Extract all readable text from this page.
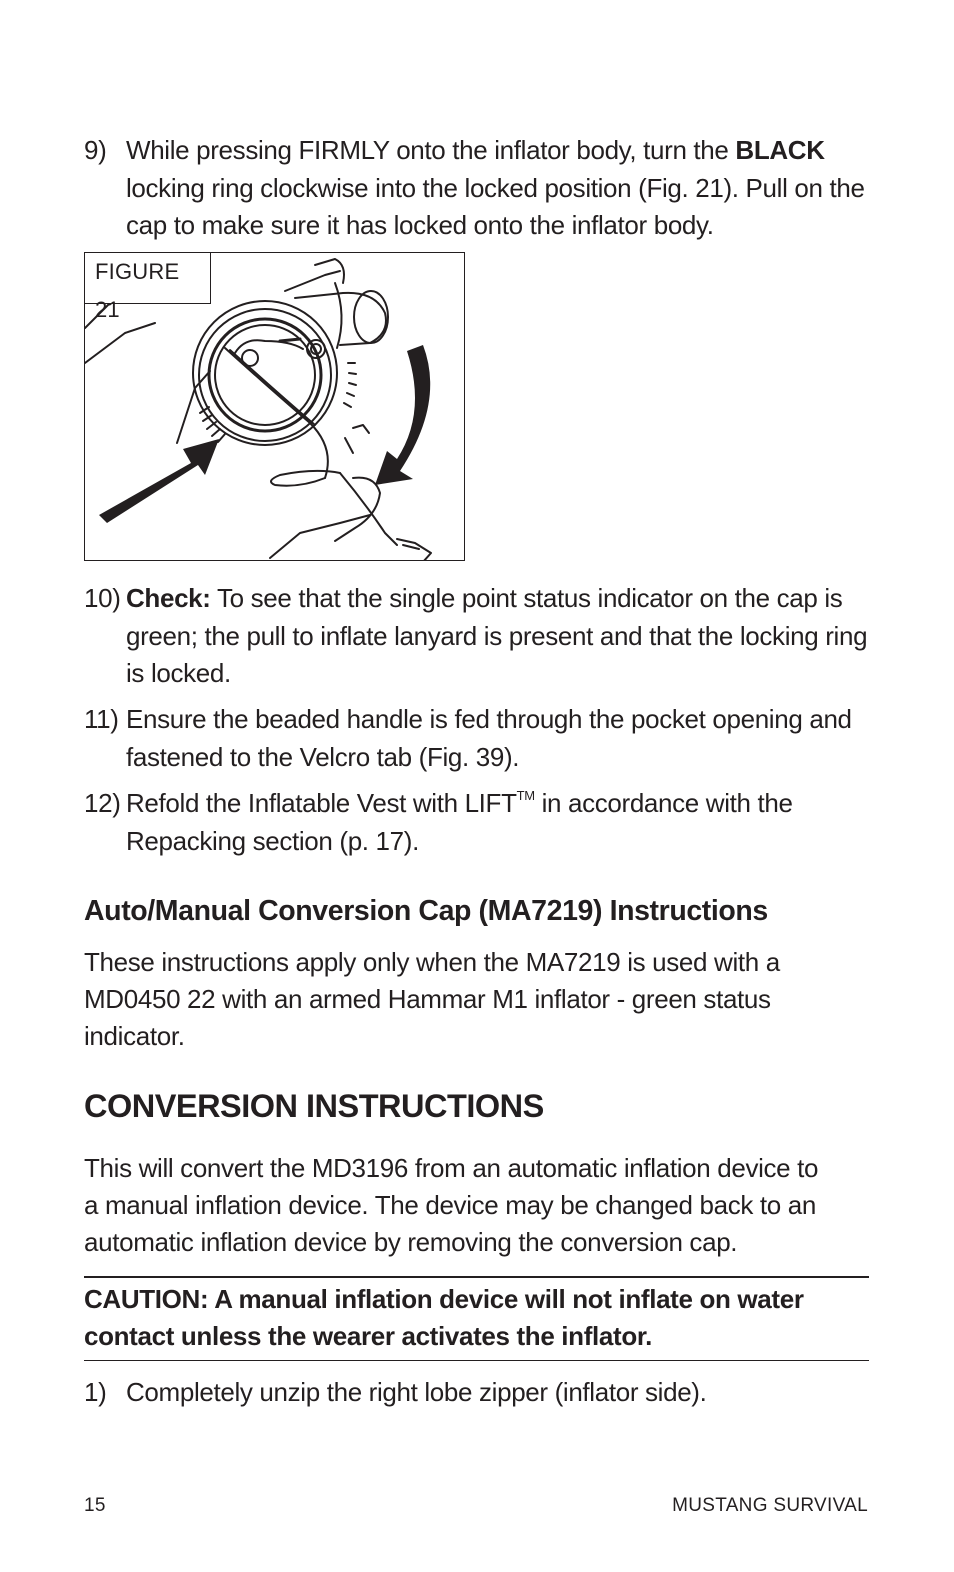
9) While pressing FIRMLY onto the inflator body, turn the BLACK locking ring clockwise into the locked position (Fig. 21). Pull on the cap to make sure it has locked onto the inflator body.
FIGURE 21
10) Check: To see that the single point status indicator on the cap is green; the pull to inflate lanyard is present and that the locking ring is locked.
11) Ensure the beaded handle is fed through the pocket opening and fastened to the Velcro tab (Fig. 39).
12) Refold the Inflatable Vest with LIFT™ in accordance with the Repacking section (p. 17).
Auto/Manual Conversion Cap (MA7219) Instructions
These instructions apply only when the MA7219 is used with a MD0450 22 with an armed Hammar M1 inflator - green status indicator.
CONVERSION INSTRUCTIONS
This will convert the MD3196 from an automatic inflation device to a manual inflation device. The device may be changed back to an automatic inflation device by removing the conversion cap.

CAUTION: A manual inflation device will not inflate on water contact unless the wearer activates the inflator.

1) Completely unzip the right lobe zipper (inflator side).
15	MUSTANG SURVIVAL
